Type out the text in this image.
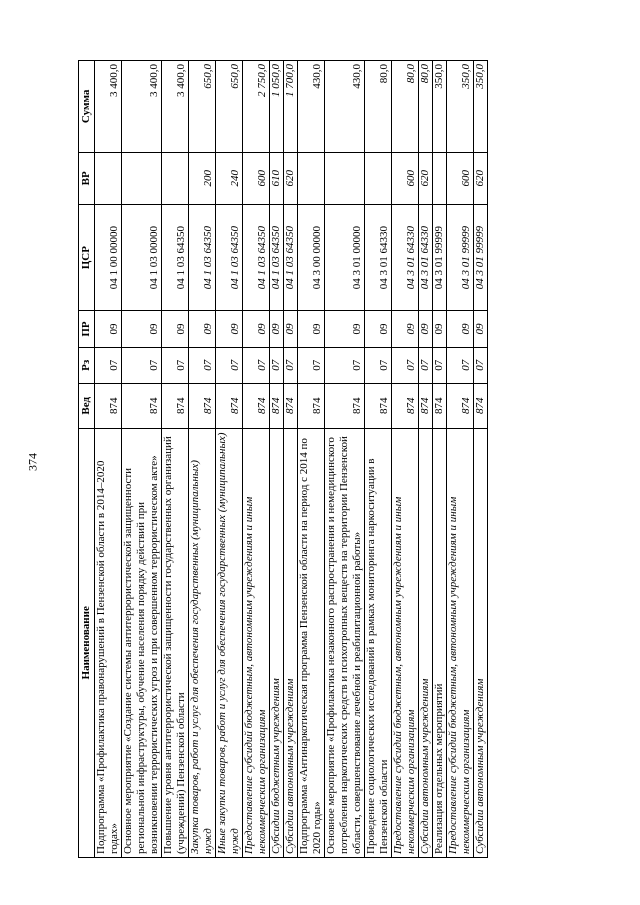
374
Наименование	Вед	Рз	ПР	ЦСР	ВР	Сумма
Подпрограмма «Профилактика правонарушений в Пензенской области в 2014–2020 годах»	874	07	09	04 1 00 00000		3 400,0
Основное мероприятие «Создание системы антитеррористической защищенности региональной инфраструктуры, обучение населения порядку действий при возникновении террористических угроз и при совершенном террористическом акте»	874	07	09	04 1 03 00000		3 400,0
Повышение уровня антитеррористической защищенности государственных организаций (учреждений) Пензенской области	874	07	09	04 1 03 64350		3 400,0
Закупка товаров, работ и услуг для обеспечения государственных (муниципальных) нужд	874	07	09	04 1 03 64350	200	650,0
Иные закупки товаров, работ и услуг для обеспечения государственных (муниципальных) нужд	874	07	09	04 1 03 64350	240	650,0
Предоставление субсидий бюджетным, автономным учреждениям и иным некоммерческим организациям	874	07	09	04 1 03 64350	600	2 750,0
Субсидии бюджетным учреждениям	874	07	09	04 1 03 64350	610	1 050,0
Субсидии автономным учреждениям	874	07	09	04 1 03 64350	620	1 700,0
Подпрограмма «Антинаркотическая программа Пензенской области на период с 2014 по 2020 годы»	874	07	09	04 3 00 00000		430,0
Основное мероприятие «Профилактика незаконного распространения и немедицинского потребления наркотических средств и психотропных веществ на территории Пензенской области, совершенствование лечебной и реабилитационной работы»	874	07	09	04 3 01 00000		430,0
Проведение социологических исследований в рамках мониторинга наркоситуации в Пензенской области	874	07	09	04 3 01 64330		80,0
Предоставление субсидий бюджетным, автономным учреждениям и иным некоммерческим организациям	874	07	09	04 3 01 64330	600	80,0
Субсидии автономным учреждениям	874	07	09	04 3 01 64330	620	80,0
Реализация отдельных мероприятий	874	07	09	04 3 01 99999		350,0
Предоставление субсидий бюджетным, автономным учреждениям и иным некоммерческим организациям	874	07	09	04 3 01 99999	600	350,0
Субсидии автономным учреждениям	874	07	09	04 3 01 99999	620	350,0
